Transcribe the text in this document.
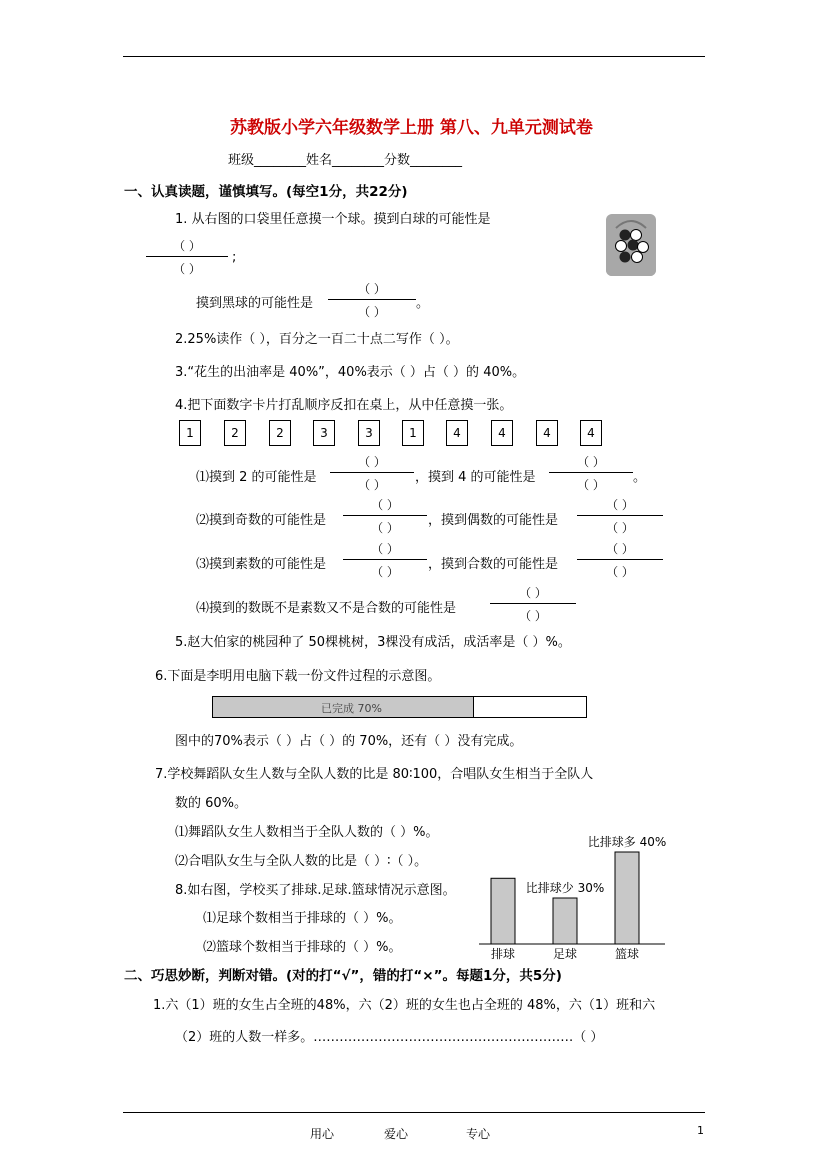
苏教版小学六年级数学上册 第八、九单元测试卷
班级________姓名________分数________
一、认真读题，谨慎填写。(每空1分，共22分)
1. 从右图的口袋里任意摸一个球。摸到白球的可能性是
（ ）
（ ）
;
摸到黑球的可能性是
（ ）
（ ）
。
2.25%读作（ ），百分之一百二十点二写作（ ）。
3.“花生的出油率是 40%”，40%表示（ ）占（ ）的 40%。
4.把下面数字卡片打乱顺序反扣在桌上，从中任意摸一张。
1	2	2	3	3	1	4	4	4	4
⑴摸到 2 的可能性是
（ ）
（ ）	，摸到 4 的可能性是
（ ）
（ ）	。
⑵摸到奇数的可能性是
（ ）
（ ）	，摸到偶数的可能性是
（ ）
（ ）
⑶摸到素数的可能性是
（ ）
（ ）	，摸到合数的可能性是
（ ）
（ ）
⑷摸到的数既不是素数又不是合数的可能性是
（ ）
（ ）
5.赵大伯家的桃园种了 50棵桃树，3棵没有成活，成活率是（ ）%。
6.下面是李明用电脑下载一份文件过程的示意图。
已完成 70%
图中的70%表示（ ）占（ ）的 70%，还有（ ）没有完成。
7.学校舞蹈队女生人数与全队人数的比是 80∶100，合唱队女生相当于全队人
数的 60%。
⑴舞蹈队女生人数相当于全队人数的（ ）%。
⑵合唱队女生与全队人数的比是（ ）∶（ ）。
8.如右图，学校买了排球.足球.篮球情况示意图。
⑴足球个数相当于排球的（ ）%。
⑵篮球个数相当于排球的（ ）%。	排球	足球	篮球
比排球少 30%
比排球多 40%
二、巧思妙断，判断对错。(对的打“√”，错的打“×”。每题1分，共5分)
1.六（1）班的女生占全班的48%，六（2）班的女生也占全班的 48%，六（1）班和六
（2）班的人数一样多。……………………………………………………（ ）
用心	爱心	专心	1
